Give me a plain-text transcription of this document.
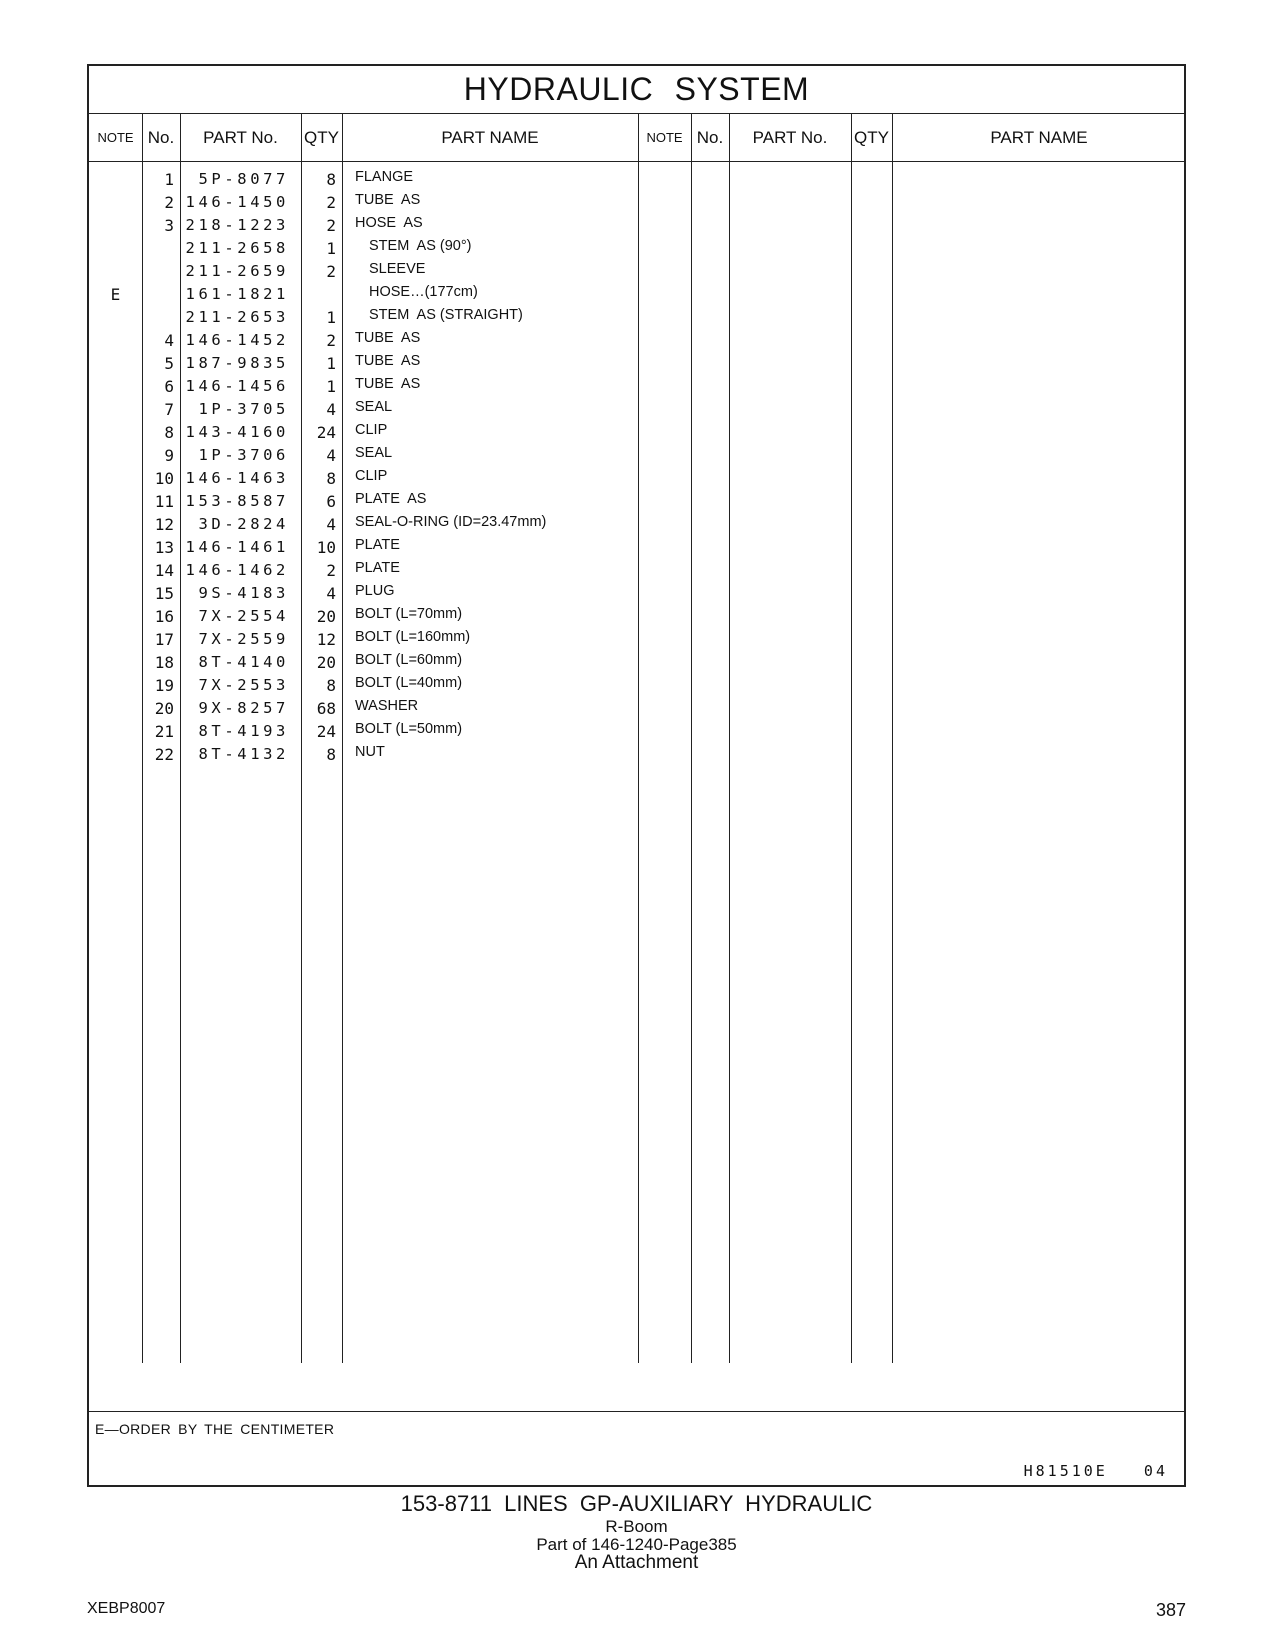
HYDRAULIC SYSTEM
NOTE No.	PART No.	QTY	PART NAME	NOTE No.	PART No.	QTY	PART NAME
1	5P-8077	8 FLANGE
2 146-1450	2 TUBE  AS
3 218-1223	2 HOSE  AS
211-2658	1 STEM  AS (90°)
211-2659	2 SLEEVE
E	161-1821	HOSE…(177cm)
211-2653	1 STEM  AS (STRAIGHT)
4 146-1452	2 TUBE  AS
5 187-9835	1 TUBE  AS
6 146-1456	1 TUBE  AS
7	1P-3705	4 SEAL
8 143-4160	24 CLIP
9	1P-3706	4 SEAL
10 146-1463	8 CLIP
11 153-8587	6 PLATE  AS
12	3D-2824	4 SEAL-O-RING (ID=23.47mm)
13 146-1461	10 PLATE
14 146-1462	2 PLATE
15	9S-4183	4 PLUG
16	7X-2554	20 BOLT (L=70mm)
17	7X-2559	12 BOLT (L=160mm)
18	8T-4140	20 BOLT (L=60mm)
19	7X-2553	8 BOLT (L=40mm)
20	9X-8257	68 WASHER
21	8T-4193	24 BOLT (L=50mm)
22	8T-4132	8 NUT
E—ORDER BY THE CENTIMETER
H81510E   04
153-8711 LINES GP-AUXILIARY HYDRAULIC
R-Boom
Part of 146-1240-Page385
An Attachment
XEBP8007	387
